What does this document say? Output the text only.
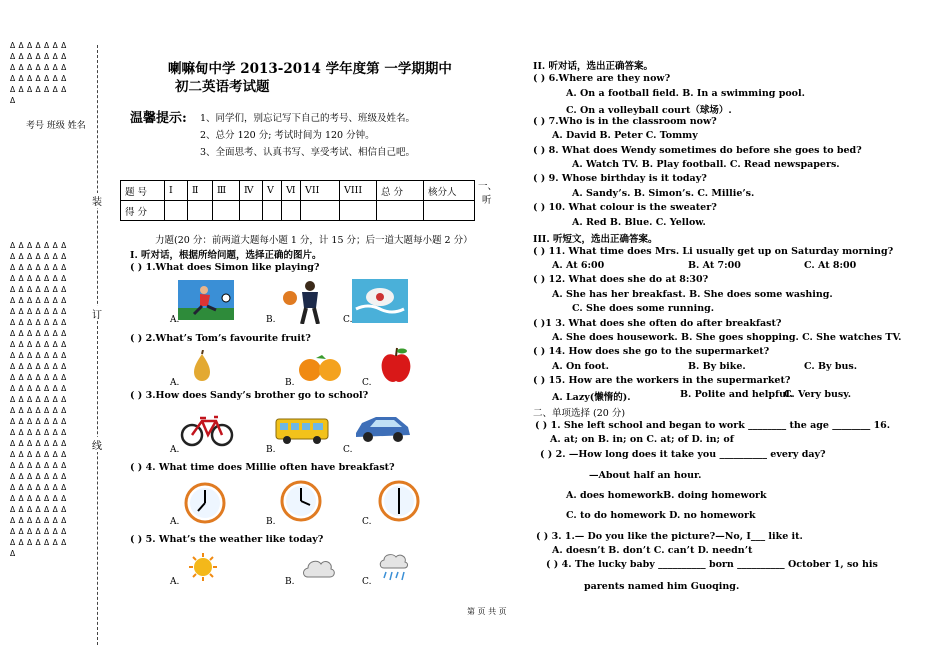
Δ Δ Δ Δ Δ Δ Δ
Δ Δ Δ Δ Δ Δ Δ
Δ Δ Δ Δ Δ Δ Δ
Δ Δ Δ Δ Δ Δ Δ
Δ Δ Δ Δ Δ Δ Δ
Δ
考号 班级 姓名
Δ Δ Δ Δ Δ Δ Δ
Δ Δ Δ Δ Δ Δ Δ
Δ Δ Δ Δ Δ Δ Δ
Δ Δ Δ Δ Δ Δ Δ
Δ Δ Δ Δ Δ Δ Δ
Δ Δ Δ Δ Δ Δ Δ
Δ Δ Δ Δ Δ Δ Δ
Δ Δ Δ Δ Δ Δ Δ
Δ Δ Δ Δ Δ Δ Δ
Δ Δ Δ Δ Δ Δ Δ
Δ Δ Δ Δ Δ Δ Δ
Δ Δ Δ Δ Δ Δ Δ
Δ Δ Δ Δ Δ Δ Δ
Δ Δ Δ Δ Δ Δ Δ
Δ Δ Δ Δ Δ Δ Δ
Δ Δ Δ Δ Δ Δ Δ
Δ Δ Δ Δ Δ Δ Δ
Δ Δ Δ Δ Δ Δ Δ
Δ Δ Δ Δ Δ Δ Δ
Δ Δ Δ Δ Δ Δ Δ
Δ Δ Δ Δ Δ Δ Δ
Δ Δ Δ Δ Δ Δ Δ
Δ Δ Δ Δ Δ Δ Δ
Δ Δ Δ Δ Δ Δ Δ
Δ Δ Δ Δ Δ Δ Δ
Δ Δ Δ Δ Δ Δ Δ
Δ Δ Δ Δ Δ Δ Δ
Δ Δ Δ Δ Δ Δ Δ
Δ
装
订
线
喇嘛甸中学 2013-2014 学年度第 一学期期中
初二英语考试题
温馨提示: 1、同学们，别忘记写下自己的考号、班级及姓名。
2、总分 120 分; 考试时间为 120 分钟。
3、全面思考、认真书写、享受考试、相信自己吧。
题 号	Ⅰ	Ⅱ	Ⅲ	Ⅳ	Ⅴ	Ⅵ	VII	VIII	总 分	核分人
得 分										
一、
听
力题(20 分：前两道大题每小题 1 分，计 15 分；后一道大题每小题 2 分）
I. 听对话，根据所给问题，选择正确的图片。
( ) 1.What does Simon like playing?
A.	B.	C.
( ) 2.What’s Tom’s favourite fruit?
A.	B.	C.
( ) 3.How does Sandy’s brother go to school?
A.	B.	C.
( ) 4. What time does Millie often have breakfast?
A.	B.	C.
( ) 5. What’s the weather like today?
A.	B.	C.
II. 听对话，选出正确答案。
( ) 6.Where are they now?
A. On a football field. B. In a swimming pool.
C. On a volleyball court（球场）.
( ) 7.Who is in the classroom now?
A. David B. Peter C. Tommy
( ) 8. What does Wendy sometimes do before she goes to bed?
A. Watch TV. B. Play football. C. Read newspapers.
( ) 9. Whose birthday is it today?
A. Sandy’s. B. Simon’s. C. Millie’s.
( ) 10. What colour is the sweater?
A. Red B. Blue. C. Yellow.
III. 听短文，选出正确答案。
( ) 11. What time does Mrs. Li usually get up on Saturday morning?
A. At 6:00	B. At 7:00	C. At 8:00
( ) 12. What does she do at 8:30?
A. She has her breakfast. B. She does some washing.
C. She does some running.
( )1 3. What does she often do after breakfast?
A. She does housework. B. She goes shopping. C. She watches TV.
( ) 14. How does she go to the supermarket?
A. On foot.	B. By bike.	C. By bus.
( ) 15. How are the workers in the supermarket?
A. Lazy(懒惰的).	B. Polite and helpful.
C. Very busy.
二、单项选择 (20 分)
( ) 1. She left school and began to work ________ the age ________ 16.
A. at; on B. in; on C. at; of D. in; of
( ) 2. —How long does it take you __________ every day?
—About half an hour.
A. does homeworkB. doing homework
C. to do homework D. no homework
( ) 3. 1.— Do you like the picture?—No, I___ like it.
A. doesn’t B. don’t C. can’t D. needn’t
( ) 4. The lucky baby __________ born __________ October 1, so his
parents named him Guoqing.
第 页 共 页
